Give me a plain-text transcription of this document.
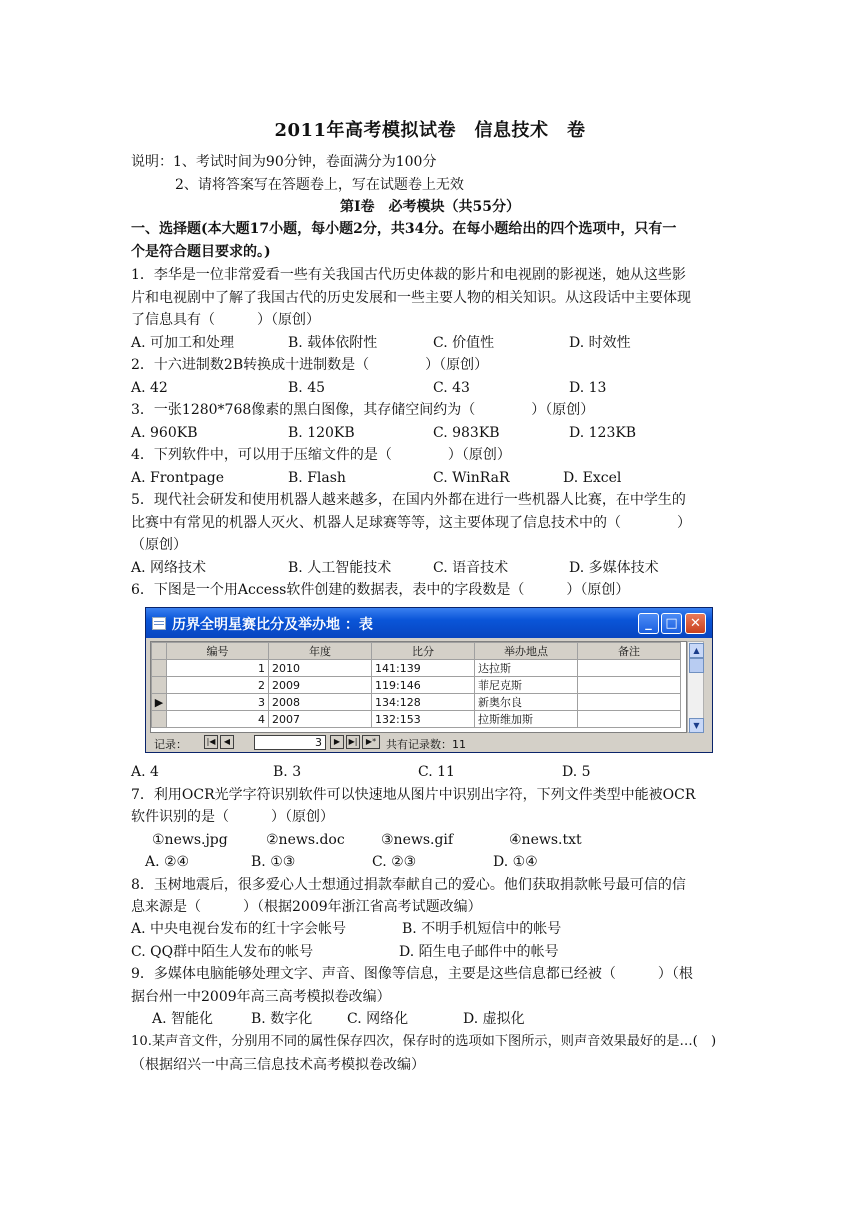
2011年高考模拟试卷　信息技术　卷
说明：1、考试时间为90分钟，卷面满分为100分
2、请将答案写在答题卷上，写在试题卷上无效
第Ⅰ卷　必考模块（共55分）
一、选择题(本大题17小题，每小题2分，共34分。在每小题给出的四个选项中，只有一
个是符合题目要求的。)
1．李华是一位非常爱看一些有关我国古代历史体裁的影片和电视剧的影视迷，她从这些影
片和电视剧中了解了我国古代的历史发展和一些主要人物的相关知识。从这段话中主要体现
了信息具有（　　　）（原创）
A. 可加工和处理	B. 载体依附性	C. 价值性	D. 时效性
2．十六进制数2B转换成十进制数是（　　　　）（原创）
A. 42	B. 45	C. 43	D. 13
3．一张1280*768像素的黑白图像，其存储空间约为（　　　　）（原创）
A. 960KB	B. 120KB	C. 983KB	D. 123KB
4．下列软件中，可以用于压缩文件的是（　　　　）（原创）
A. Frontpage	B. Flash	C. WinRaR	D. Excel
5．现代社会研发和使用机器人越来越多，在国内外都在进行一些机器人比赛，在中学生的
比赛中有常见的机器人灭火、机器人足球赛等等，这主要体现了信息技术中的（　　　　）
（原创）
A. 网络技术	B. 人工智能技术	C. 语音技术	D. 多媒体技术
6．下图是一个用Access软件创建的数据表，表中的字段数是（　　　）（原创）
历界全明星赛比分及举办地 ：表	_	□ ✕
	编号	年度	比分	举办地点	备注
	1	2010	141:139	达拉斯	
	2	2009	119:146	菲尼克斯	
▶	3	2008	134:128	新奥尔良	
	4	2007	132:153	拉斯维加斯	
▲
▼
记录：	|◀	◀	3	▶	▶|	▶* 共有记录数：11
A. 4	B. 3	C. 11	D. 5
7．利用OCR光学字符识别软件可以快速地从图片中识别出字符，下列文件类型中能被OCR
软件识别的是（　　　）（原创）
①news.jpg	②news.doc	③news.gif	④news.txt
A. ②④	B. ①③	C. ②③	D. ①④
8．玉树地震后，很多爱心人士想通过捐款奉献自己的爱心。他们获取捐款帐号最可信的信
息来源是（　　　）（根据2009年浙江省高考试题改编）
A. 中央电视台发布的红十字会帐号	B. 不明手机短信中的帐号
C. QQ群中陌生人发布的帐号	D. 陌生电子邮件中的帐号
9．多媒体电脑能够处理文字、声音、图像等信息，主要是这些信息都已经被（　　　）（根
据台州一中2009年高三高考模拟卷改编）
A. 智能化	B. 数字化 C. 网络化	D. 虚拟化
10.某声音文件，分别用不同的属性保存四次，保存时的选项如下图所示，则声音效果最好的是…(　)
（根据绍兴一中高三信息技术高考模拟卷改编）
